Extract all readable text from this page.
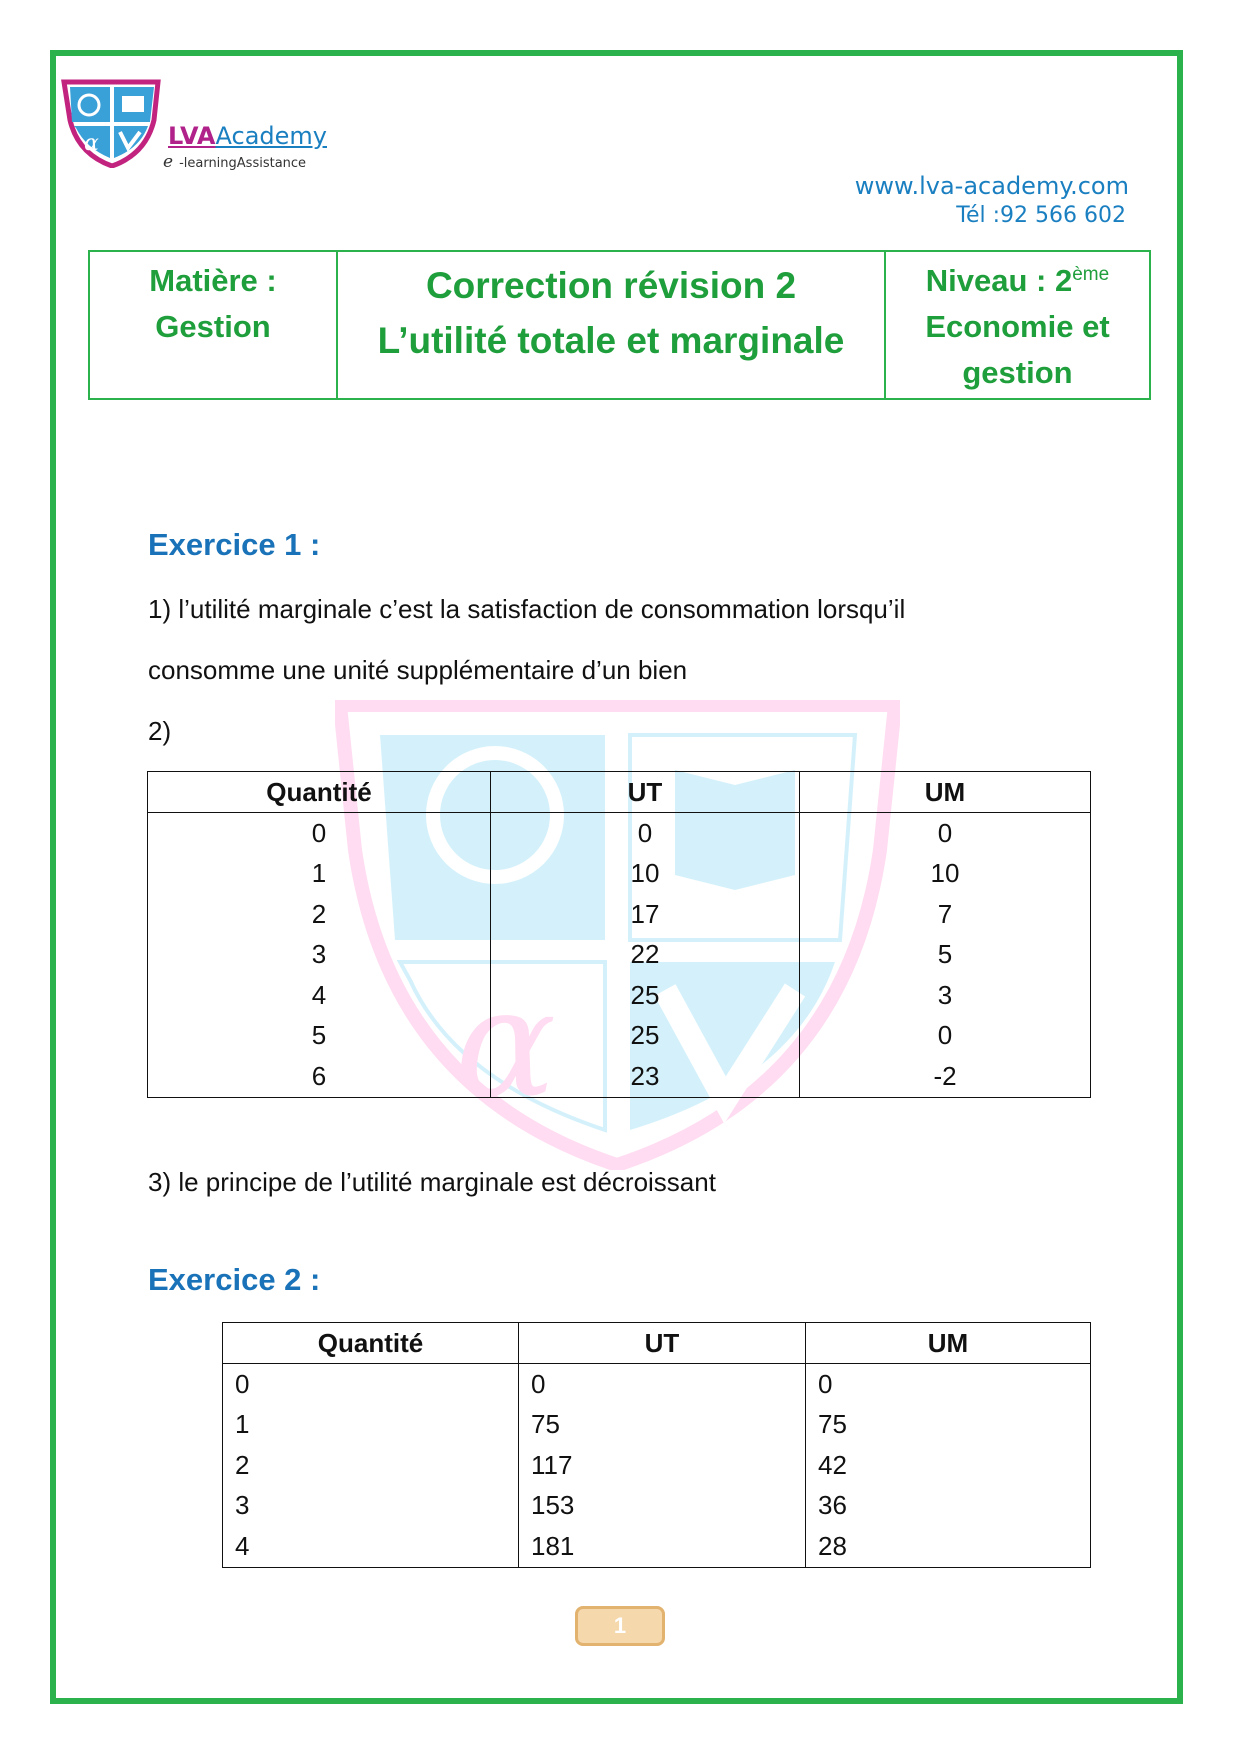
α	LVAAcademy
e -learningAssistance
www.lva-academy.com
Tél :92 566 602
Matière :
Gestion
Correction révision 2
L’utilité totale et marginale
Niveau : 2ème
Economie et
gestion
α
Exercice 1 :
1) l’utilité marginale c’est la satisfaction de consommation lorsqu’il
consomme une unité supplémentaire d’un bien
2)
Quantité	UT	UM
0	0	0
1	10	10
2	17	7
3	22	5
4	25	3
5	25	0
6	23	-2
3) le principe de l’utilité marginale est décroissant
Exercice 2 :
Quantité	UT	UM
0	0	0
1	75	75
2	117	42
3	153	36
4	181	28
1
